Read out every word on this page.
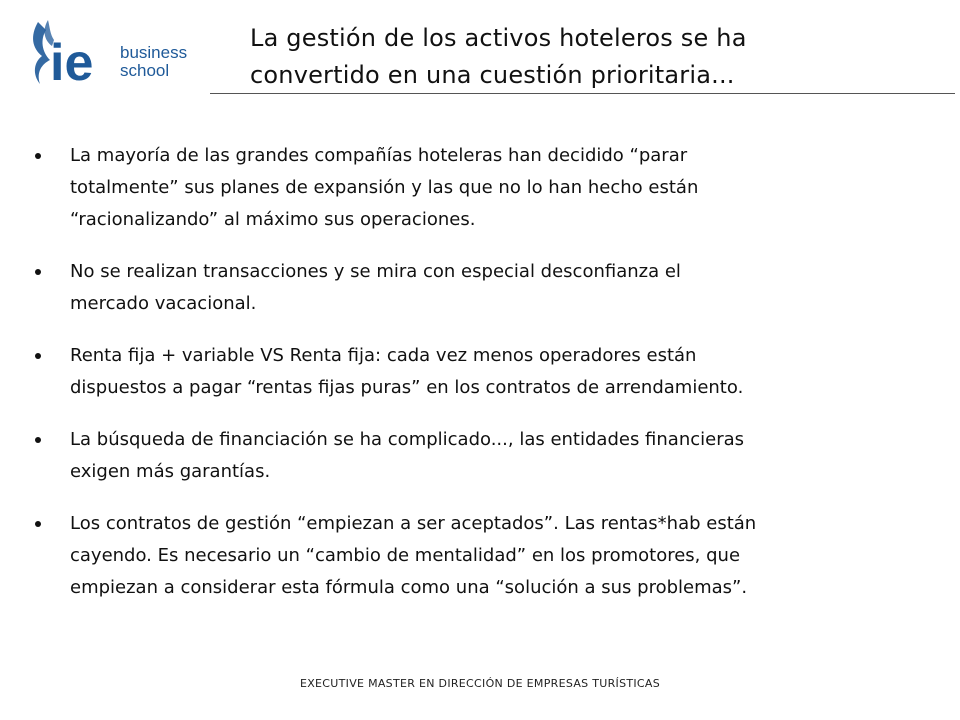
ie business
school
La gestión de los activos hoteleros se ha
convertido en una cuestión prioritaria...
La mayoría de las grandes compañías hoteleras han decidido “parar
totalmente” sus planes de expansión y las que no lo han hecho están
“racionalizando” al máximo sus operaciones.
No se realizan transacciones y se mira con especial desconfianza el
mercado vacacional.
Renta fija + variable VS Renta fija: cada vez menos operadores están
dispuestos a pagar “rentas fijas puras” en los contratos de arrendamiento.
La búsqueda de financiación se ha complicado..., las entidades financieras
exigen más garantías.
Los contratos de gestión “empiezan a ser aceptados”. Las rentas*hab están
cayendo. Es necesario un “cambio de mentalidad” en los promotores, que
empiezan a considerar esta fórmula como una “solución a sus problemas”.
EXECUTIVE MASTER EN DIRECCIÓN DE EMPRESAS TURÍSTICAS
